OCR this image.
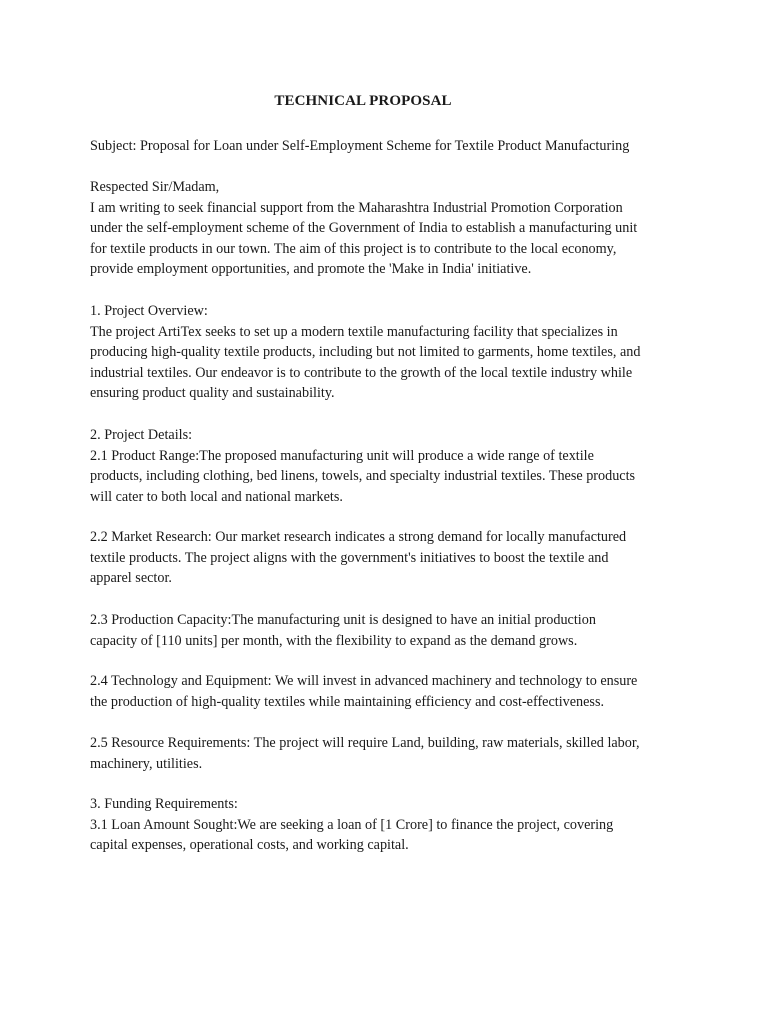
TECHNICAL PROPOSAL
Subject: Proposal for Loan under Self-Employment Scheme for Textile Product Manufacturing
Respected Sir/Madam,
I am writing to seek financial support from the Maharashtra Industrial Promotion Corporation
under the self-employment scheme of the Government of India to establish a manufacturing unit
for textile products in our town. The aim of this project is to contribute to the local economy,
provide employment opportunities, and promote the 'Make in India' initiative.
1. Project Overview:
The project ArtiTex seeks to set up a modern textile manufacturing facility that specializes in
producing high-quality textile products, including but not limited to garments, home textiles, and
industrial textiles. Our endeavor is to contribute to the growth of the local textile industry while
ensuring product quality and sustainability.
2. Project Details:
2.1 Product Range:The proposed manufacturing unit will produce a wide range of textile
products, including clothing, bed linens, towels, and specialty industrial textiles. These products
will cater to both local and national markets.
2.2 Market Research: Our market research indicates a strong demand for locally manufactured
textile products. The project aligns with the government's initiatives to boost the textile and
apparel sector.
2.3 Production Capacity:The manufacturing unit is designed to have an initial production
capacity of [110 units] per month, with the flexibility to expand as the demand grows.
2.4 Technology and Equipment: We will invest in advanced machinery and technology to ensure
the production of high-quality textiles while maintaining efficiency and cost-effectiveness.
2.5 Resource Requirements: The project will require Land, building, raw materials, skilled labor,
machinery, utilities.
3. Funding Requirements:
3.1 Loan Amount Sought:We are seeking a loan of [1 Crore] to finance the project, covering
capital expenses, operational costs, and working capital.
